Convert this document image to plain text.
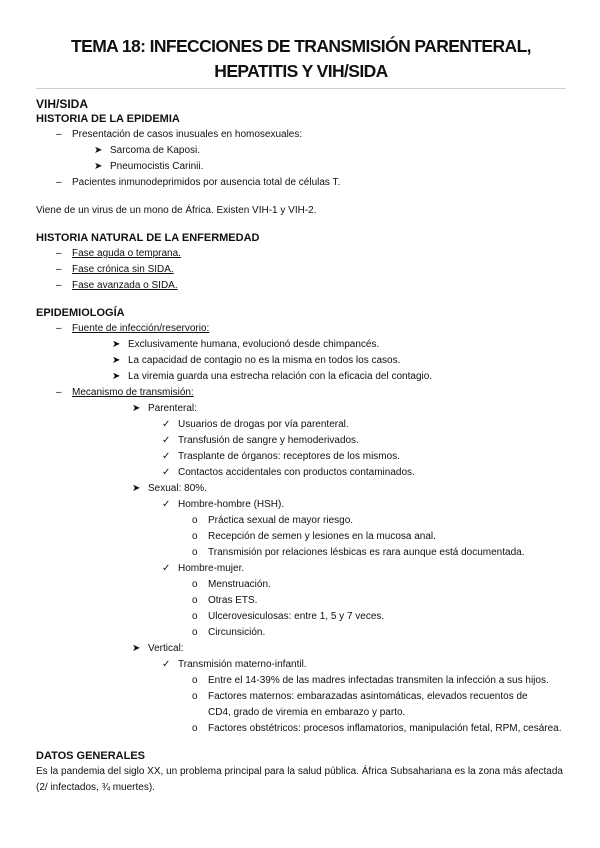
TEMA 18: INFECCIONES DE TRANSMISIÓN PARENTERAL, HEPATITIS Y VIH/SIDA
VIH/SIDA
HISTORIA DE LA EPIDEMIA
– Presentación de casos inusuales en homosexuales:
➤ Sarcoma de Kaposi.
➤ Pneumocistis Carinii.
– Pacientes inmunodeprimidos por ausencia total de células T.
Viene de un virus de un mono de África. Existen VIH-1 y VIH-2.
HISTORIA NATURAL DE LA ENFERMEDAD
– Fase aguda o temprana.
– Fase crónica sin SIDA.
– Fase avanzada o SIDA.
EPIDEMIOLOGÍA
– Fuente de infección/reservorio:
➤ Exclusivamente humana, evolucionó desde chimpancés.
➤ La capacidad de contagio no es la misma en todos los casos.
➤ La viremia guarda una estrecha relación con la eficacia del contagio.
– Mecanismo de transmisión:
➤ Parenteral:
✓ Usuarios de drogas por vía parenteral.
✓ Transfusión de sangre y hemoderivados.
✓ Trasplante de órganos: receptores de los mismos.
✓ Contactos accidentales con productos contaminados.
➤ Sexual: 80%.
✓ Hombre-hombre (HSH).
o Práctica sexual de mayor riesgo.
o Recepción de semen y lesiones en la mucosa anal.
o Transmisión por relaciones lésbicas es rara aunque está documentada.
✓ Hombre-mujer.
o Menstruación.
o Otras ETS.
o Ulcerovesiculosas: entre 1, 5 y 7 veces.
o Circunsición.
➤ Vertical:
✓ Transmisión materno-infantil.
o Entre el 14-39% de las madres infectadas transmiten la infección a sus hijos.
o	Factores maternos: embarazadas asintomáticas, elevados recuentos de CD4, grado de viremia en embarazo y parto.
o Factores obstétricos: procesos inflamatorios, manipulación fetal, RPM, cesárea.
DATOS GENERALES
Es la pandemia del siglo XX, un problema principal para la salud pública. África Subsahariana es la zona más afectada (2/ infectados, ¾ muertes).
